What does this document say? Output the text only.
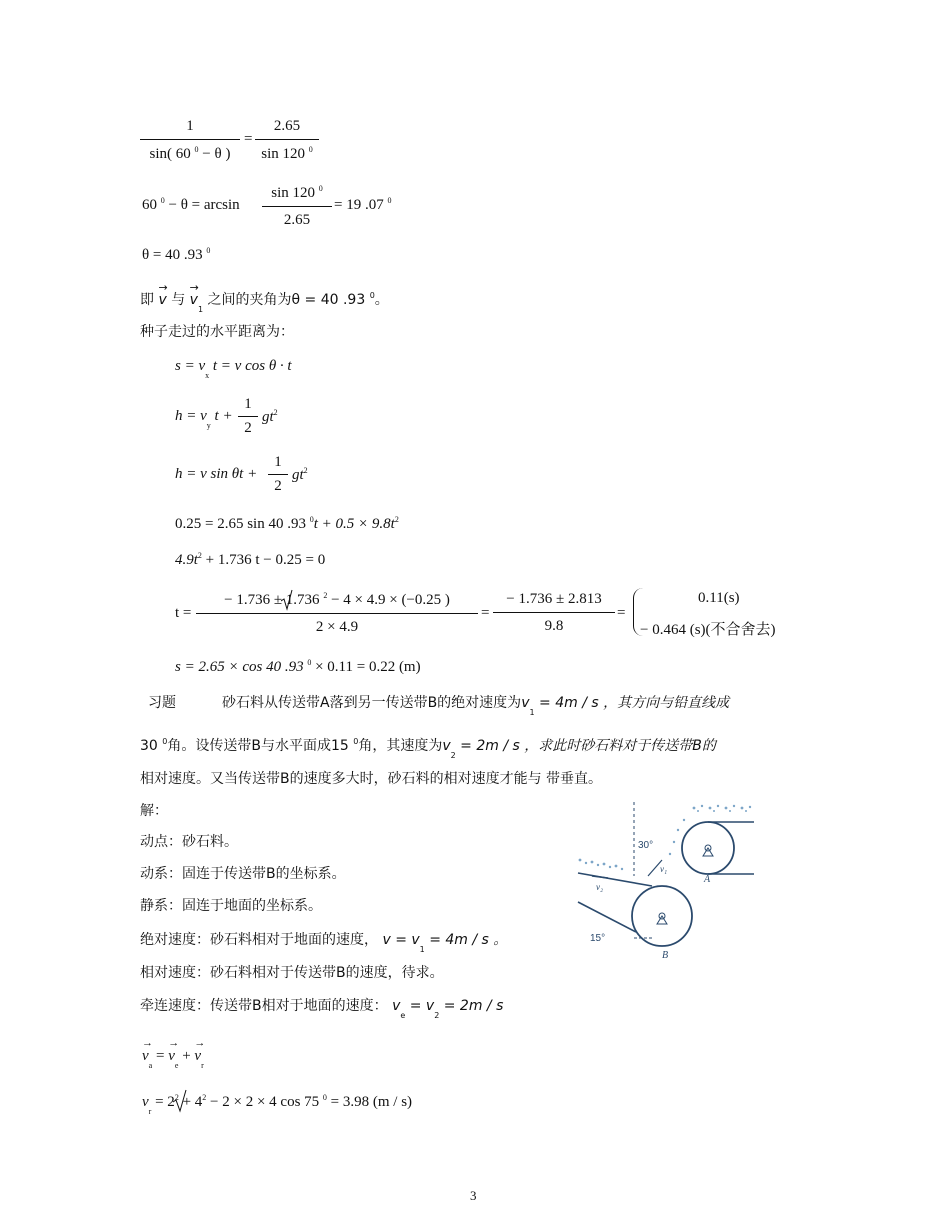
$\frac{1}{\sin( 60 ^0 - \theta )} = \frac{2.65}{\sin 120 ^0}$
60 $^0 - \theta = \arcsin \frac{\sin 120 ^0}{2.65} = 19$ .07 $^0$
θ = 40 .93 $^0$
即 → v 与 → $v_1$ 之间的夹角为θ = 40 .93 $^0$。
种子走过的水平距离为：
$s = v_x$ t = v cos θ · t
$h = v_y$ $t + \frac{1}{2} gt^2$
h = v $\sin \theta t + \frac{1}{2} gt^2$
0.25 = 2.65 sin 40 .93 $^0t + 0.5 \times 9.8t^2$
$4.9t^2 + 1.736$ t − 0.25 = 0
$t = \frac{- 1.736 \pm 1.736 ^2 - 4 \times 4.9 \times (-0.25 )}{2 \times 4.9} = \frac{- 1.736 \pm 2.813}{9.8}$ =
0.11(s)
− 0.464 (s)(不合舍去)
s = 2.65 × cos 40 .93 $^0$ × 0.11 = 0.22 (m)
习题	砂石料从传送带A落到另一传送带B的绝对速度为$v_1 = 4m / s$ ，其方向与铅直线成
30 $^0$角。设传送带B与水平面成15 $^0$角，其速度为$v_2 = 2m / s$ ，求此时砂石料对于传送带B的
相对速度。又当传送带B的速度多大时，砂石料的相对速度才能与 带垂直。
解：
动点：砂石料。
动系：固连于传送带B的坐标系。
静系：固连于地面的坐标系。
绝对速度：砂石料相对于地面的速度， $v = v_1 = 4m / s$ 。
相对速度：砂石料相对于传送带B的速度，待求。
牵连速度：传送带B相对于地面的速度： $v_e = v_2 = 2m / s$
→ $v_a$ = → $v_e$ + → $v_r$
$v_r = 2^2 + 4^2 - 2 \times 2 \times 4$ cos 75 $^0$ = 3.98 (m / s)
30°
15°
A
B
v₁
v₂
3
